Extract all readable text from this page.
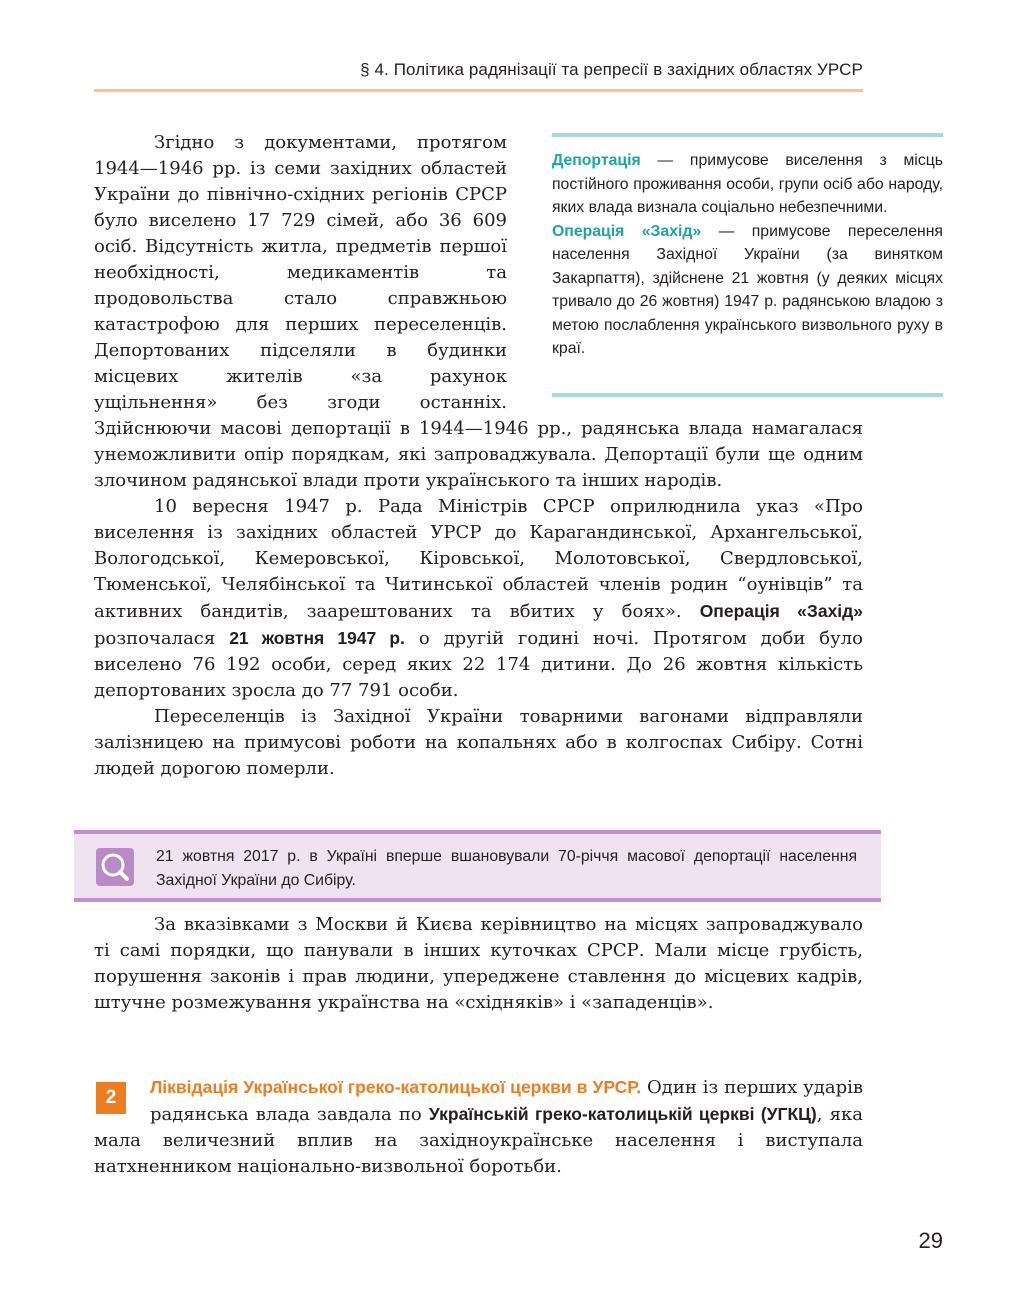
§ 4. Політика радянізації та репресії в західних областях УРСР

Згідно з документами, протягом 1944—1946 рр. із семи західних областей України до північно-східних регіонів СРСР було виселено 17 729 сімей, або 36 609 осіб. Відсутність житла, предметів першої необхідності, медикаментів та продовольства стало справжньою катастрофою для перших переселенців. Депортованих підселяли в будинки місцевих жителів «за рахунок ущільнення» без згоди останніх. Здійснюючи масові депортації в 1944—1946 рр., радянська влада намагалася унеможливити опір порядкам, які запроваджувала. Депортації були ще одним злочином радянської влади проти українського та інших народів.

10 вересня 1947 р. Рада Міністрів СРСР оприлюднила указ «Про виселення із західних областей УРСР до Карагандинської, Архангельської, Вологодської, Кемеровської, Кіровської, Молотовської, Свердловської, Тюменської, Челябінської та Читинської областей членів родин “оунівців” та активних бандитів, заарештованих та вбитих у боях». Операція «Захід» розпочалася 21 жовтня 1947 р. о другій годині ночі. Протягом доби було виселено 76 192 особи, серед яких 22 174 дитини. До 26 жовтня кількість депортованих зросла до 77 791 особи.

Переселенців із Західної України товарними вагонами відправляли залізницею на примусові роботи на копальнях або в колгоспах Сибіру. Сотні людей дорогою померли.

Депортація — примусове виселення з місць постійного проживання особи, групи осіб або народу, яких влада визнала соціально небезпечними.

Операція «Захід» — примусове переселення населення Західної України (за винятком Закарпаття), здійснене 21 жовтня (у деяких місцях тривало до 26 жовтня) 1947 р. радянською владою з метою послаблення українського визвольного руху в краї.

21 жовтня 2017 р. в Україні вперше вшановували 70-річчя масової депортації населення Західної України до Сибіру.

За вказівками з Москви й Києва керівництво на місцях запроваджувало ті самі порядки, що панували в інших куточках СРСР. Мали місце грубість, порушення законів і прав людини, упереджене ставлення до місцевих кадрів, штучне розмежування українства на «східняків» і «западенців».

2	Ліквідація Української греко-католицької церкви в УРСР. Один із перших ударів радянська влада завдала по Українській греко-католицькій церкві (УГКЦ), яка мала величезний вплив на західноукраїнське населення і виступала натхненником національно-визвольної боротьби.

29
